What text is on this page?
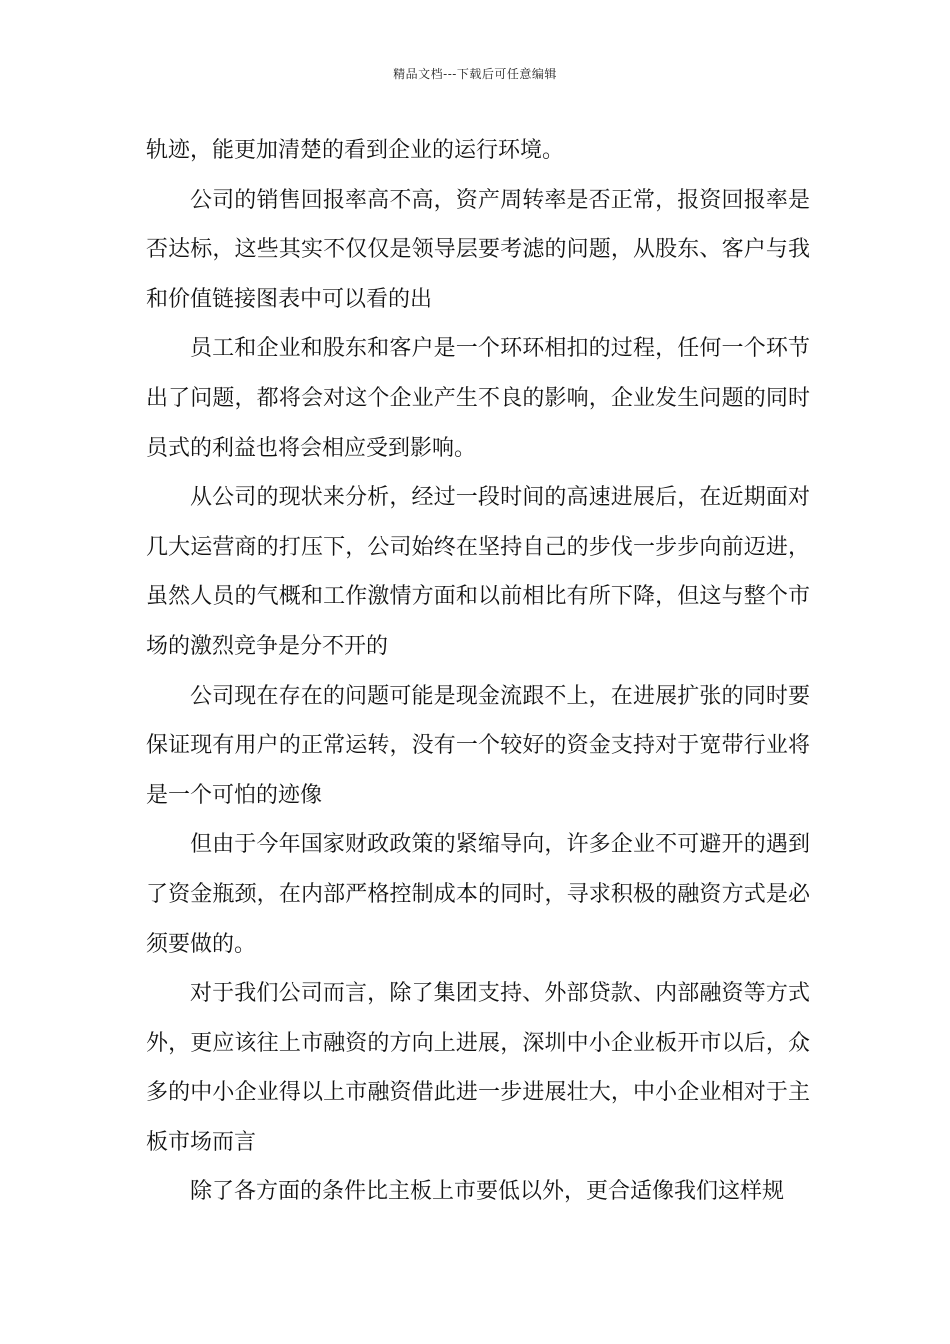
精品文档---下载后可任意编辑

轨迹，能更加清楚的看到企业的运行环境。

公司的销售回报率高不高，资产周转率是否正常，报资回报率是否达标，这些其实不仅仅是领导层要考滤的问题，从股东、客户与我和价值链接图表中可以看的出

员工和企业和股东和客户是一个环环相扣的过程，任何一个环节出了问题，都将会对这个企业产生不良的影响，企业发生问题的同时员式的利益也将会相应受到影响。

从公司的现状来分析，经过一段时间的高速进展后，在近期面对几大运营商的打压下，公司始终在坚持自己的步伐一步步向前迈进，虽然人员的气概和工作激情方面和以前相比有所下降，但这与整个市场的激烈竞争是分不开的

公司现在存在的问题可能是现金流跟不上，在进展扩张的同时要保证现有用户的正常运转，没有一个较好的资金支持对于宽带行业将是一个可怕的迹像

但由于今年国家财政政策的紧缩导向，许多企业不可避开的遇到了资金瓶颈，在内部严格控制成本的同时，寻求积极的融资方式是必须要做的。

对于我们公司而言，除了集团支持、外部贷款、内部融资等方式外，更应该往上市融资的方向上进展，深圳中小企业板开市以后，众多的中小企业得以上市融资借此进一步进展壮大，中小企业相对于主板市场而言

除了各方面的条件比主板上市要低以外，更合适像我们这样规
